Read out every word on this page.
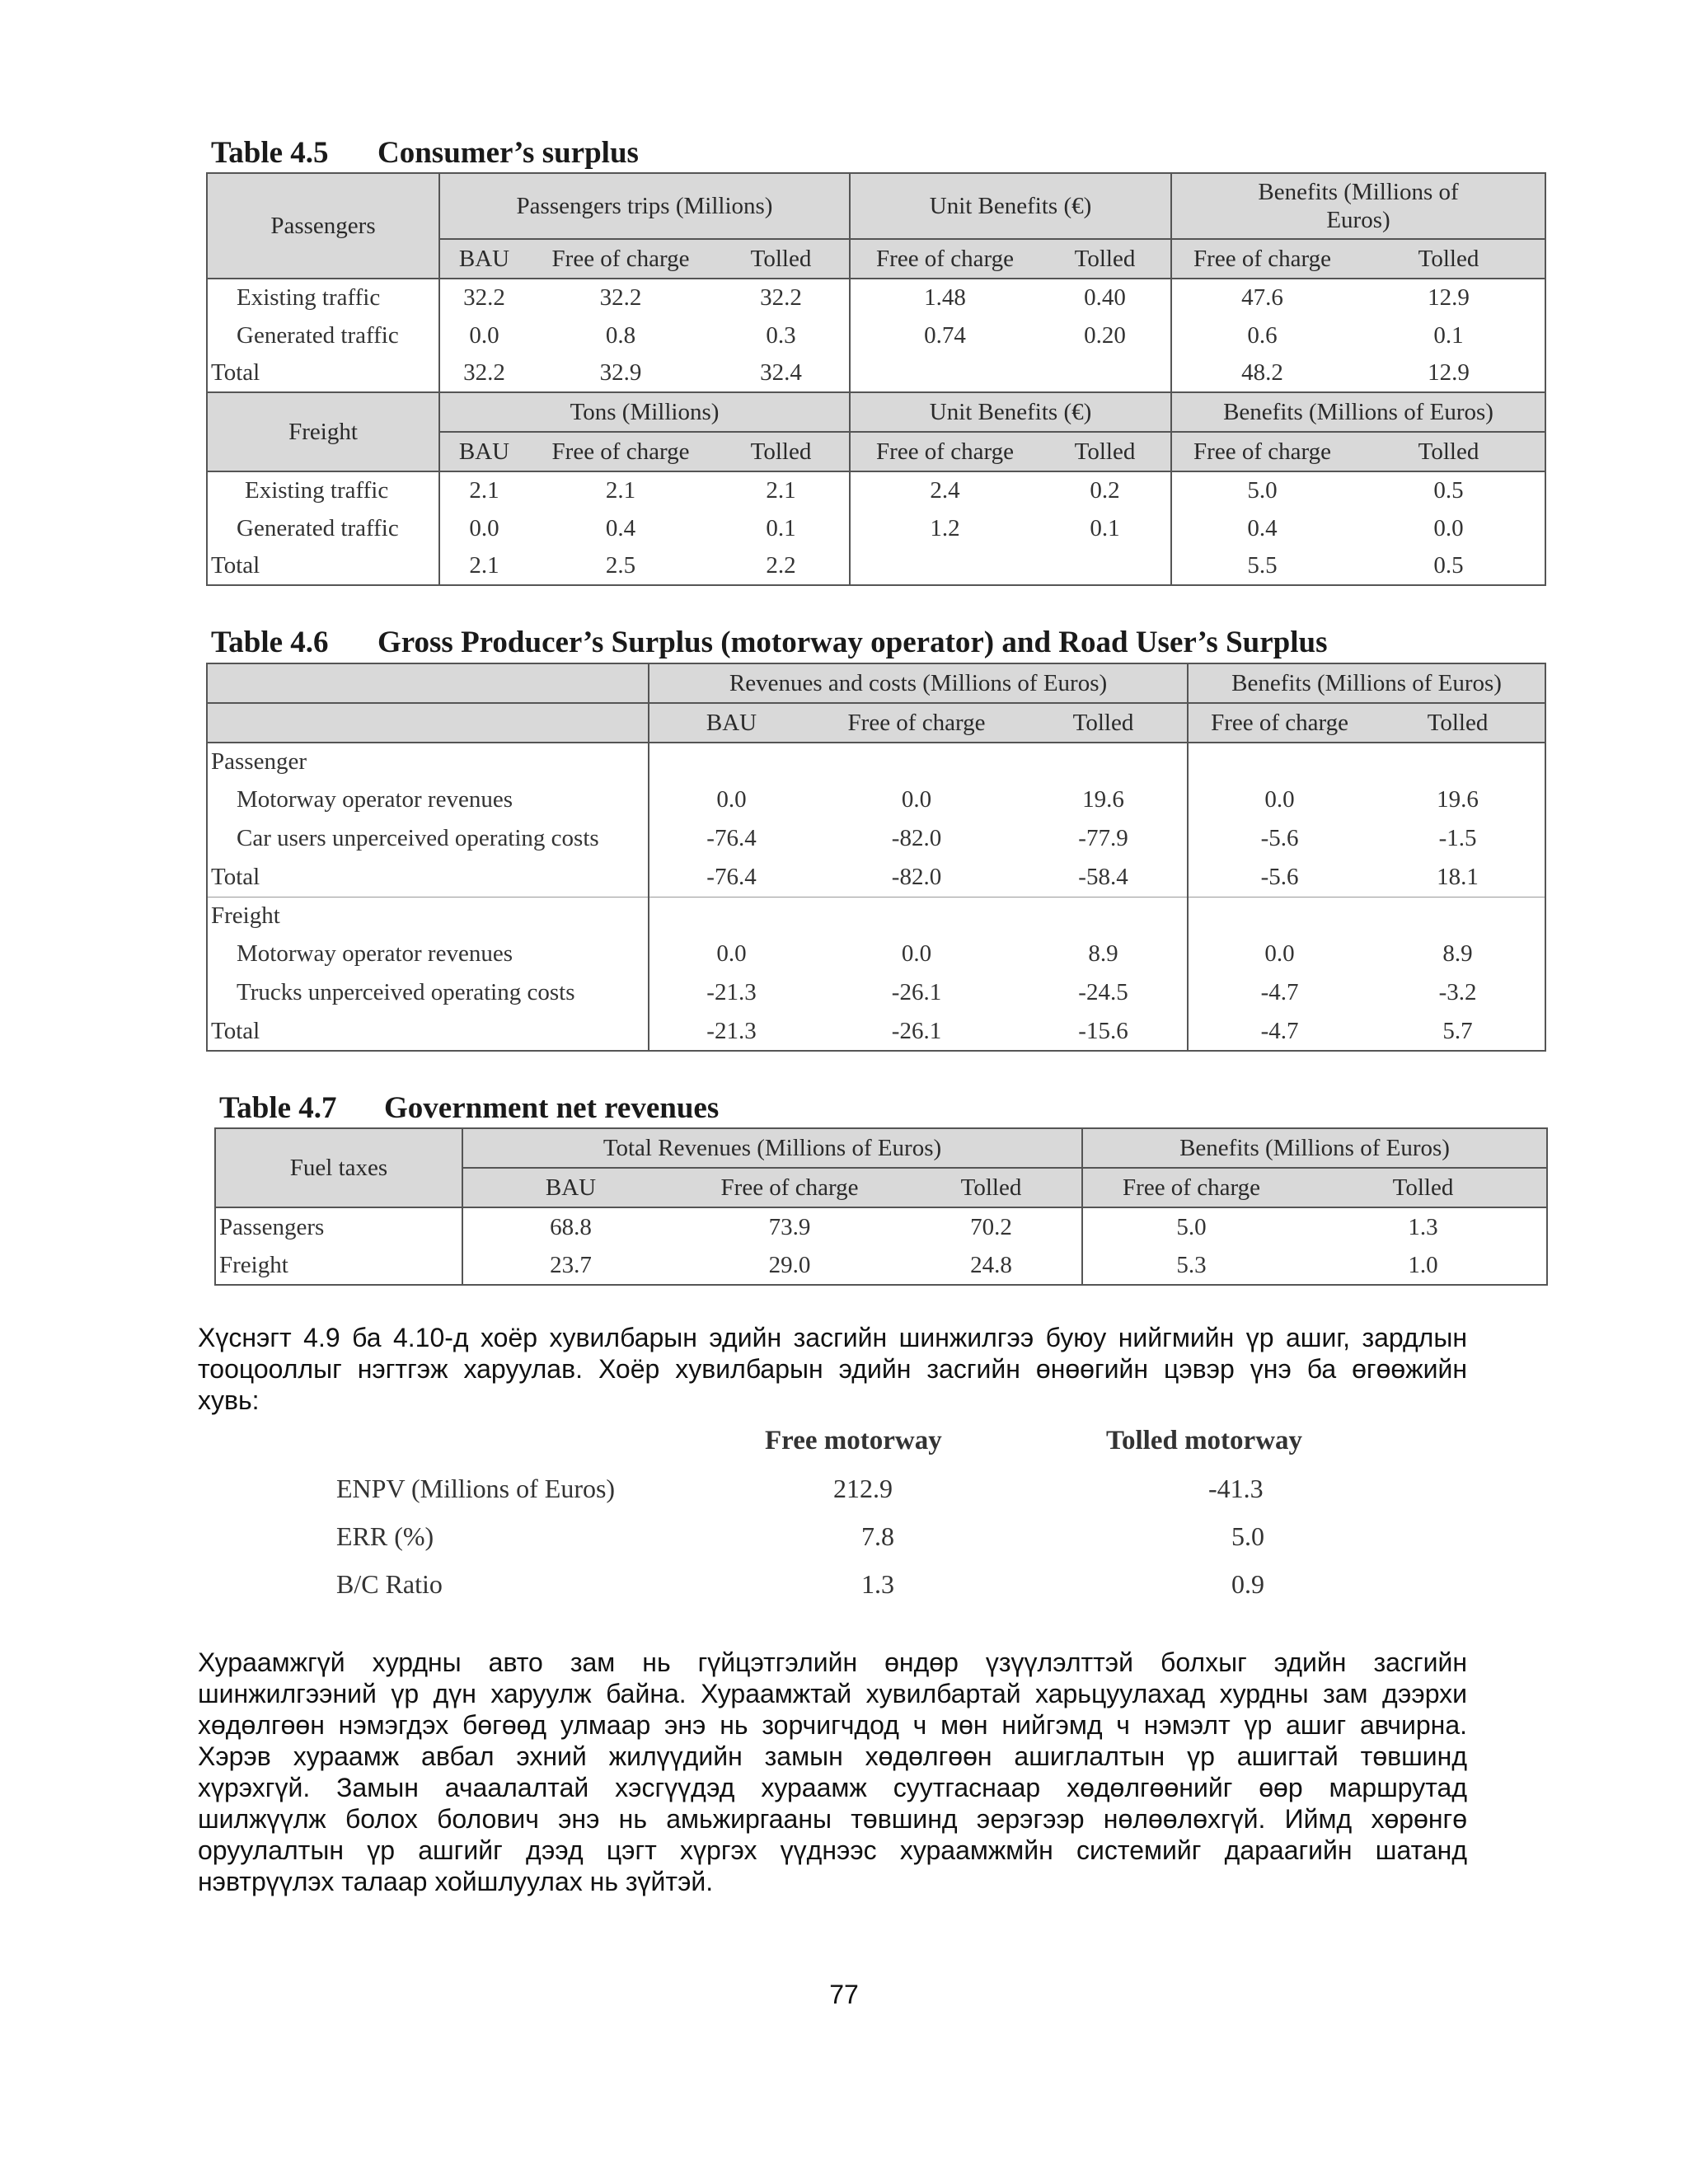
Table 4.5 Consumer’s surplus
Passengers	Passengers trips (Millions)			Unit Benefits (€)		Benefits (Millions of Euros)	
	BAU	Free of charge	Tolled	Free of charge	Tolled	Free of charge	Tolled
Existing traffic	32.2	32.2	32.2	1.48	0.40	47.6	12.9
Generated traffic	0.0	0.8	0.3	0.74	0.20	0.6	0.1
Total	32.2	32.9	32.4			48.2	12.9
Freight	Tons (Millions)			Unit Benefits (€)		Benefits (Millions of Euros)	
	BAU	Free of charge	Tolled	Free of charge	Tolled	Free of charge	Tolled
Existing traffic	2.1	2.1	2.1	2.4	0.2	5.0	0.5
Generated traffic	0.0	0.4	0.1	1.2	0.1	0.4	0.0
Total	2.1	2.5	2.2			5.5	0.5
Table 4.6 Gross Producer’s Surplus (motorway operator) and Road User’s Surplus
	Revenues and costs (Millions of Euros)			Benefits (Millions of Euros)	
	BAU	Free of charge	Tolled	Free of charge	Tolled
Passenger					
Motorway operator revenues	0.0	0.0	19.6	0.0	19.6
Car users unperceived operating costs	-76.4	-82.0	-77.9	-5.6	-1.5
Total	-76.4	-82.0	-58.4	-5.6	18.1
Freight					
Motorway operator revenues	0.0	0.0	8.9	0.0	8.9
Trucks unperceived operating costs	-21.3	-26.1	-24.5	-4.7	-3.2
Total	-21.3	-26.1	-15.6	-4.7	5.7
Table 4.7 Government net revenues
Fuel taxes	Total Revenues (Millions of Euros)			Benefits (Millions of Euros)	
	BAU	Free of charge	Tolled	Free of charge	Tolled
Passengers	68.8	73.9	70.2	5.0	1.3
Freight	23.7	29.0	24.8	5.3	1.0
Хүснэгт 4.9 ба 4.10-д хоёр хувилбарын эдийн засгийн шинжилгээ буюу нийгмийн үр ашиг, зардлын
тооцооллыг нэгтгэж харуулав. Хоёр хувилбарын эдийн засгийн өнөөгийн цэвэр үнэ ба өгөөжийн
хувь:
Free motorway	Tolled motorway
ENPV (Millions of Euros)	212.9	-41.3
ERR (%)	7.8	5.0
B/C Ratio	1.3	0.9
Хураамжгүй хурдны авто зам нь гүйцэтгэлийн өндөр үзүүлэлттэй болхыг эдийн засгийн
шинжилгээний үр дүн харуулж байна. Хураамжтай хувилбартай харьцуулахад хурдны зам дээрхи
хөдөлгөөн нэмэгдэх бөгөөд улмаар энэ нь зорчигчдод ч мөн нийгэмд ч нэмэлт үр ашиг авчирна.
Хэрэв хураамж авбал эхний жилүүдийн замын хөдөлгөөн ашиглалтын үр ашигтай төвшинд
хүрэхгүй. Замын ачаалалтай хэсгүүдэд хураамж суутгаснаар хөдөлгөөнийг өөр маршрутад
шилжүүлж болох болович энэ нь амьжиргааны төвшинд эерэгээр нөлөөлөхгүй. Иймд хөрөнгө
оруулалтын үр ашгийг дээд цэгт хүргэх үүднээс хураамжмйн системийг дараагийн шатанд
нэвтрүүлэх талаар хойшлуулах нь зүйтэй.
77
